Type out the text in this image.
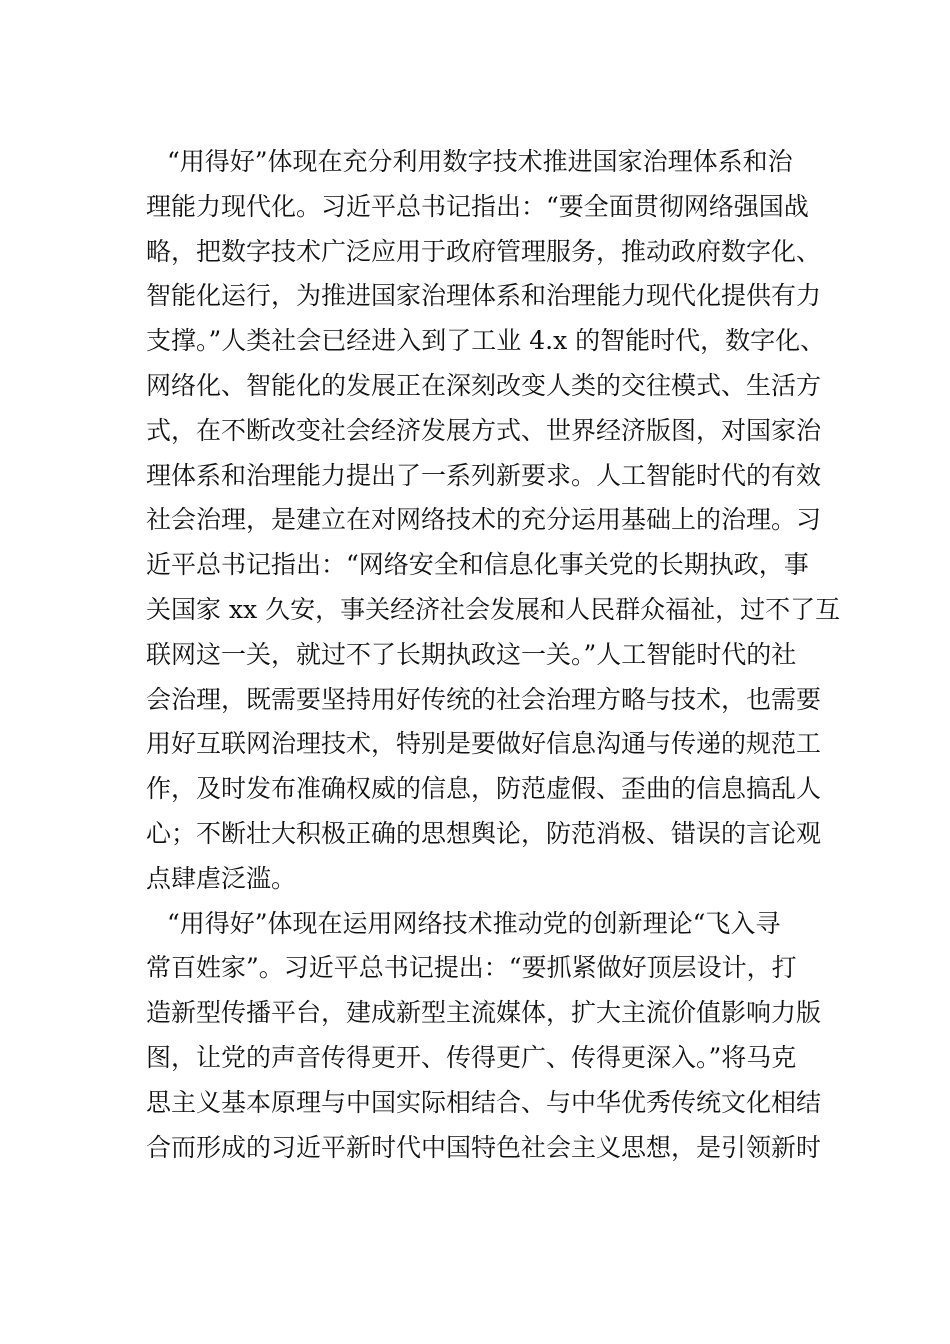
“用得好”体现在充分利用数字技术推进国家治理体系和治
理能力现代化。习近平总书记指出：“要全面贯彻网络强国战
略，把数字技术广泛应用于政府管理服务，推动政府数字化、
智能化运行，为推进国家治理体系和治理能力现代化提供有力
支撑。”人类社会已经进入到了工业 4.x 的智能时代，数字化、
网络化、智能化的发展正在深刻改变人类的交往模式、生活方
式，在不断改变社会经济发展方式、世界经济版图，对国家治
理体系和治理能力提出了一系列新要求。人工智能时代的有效
社会治理，是建立在对网络技术的充分运用基础上的治理。习
近平总书记指出：“网络安全和信息化事关党的长期执政，事
关国家 xx 久安，事关经济社会发展和人民群众福祉，过不了互
联网这一关，就过不了长期执政这一关。”人工智能时代的社
会治理，既需要坚持用好传统的社会治理方略与技术，也需要
用好互联网治理技术，特别是要做好信息沟通与传递的规范工
作，及时发布准确权威的信息，防范虚假、歪曲的信息搞乱人
心；不断壮大积极正确的思想舆论，防范消极、错误的言论观
点肆虐泛滥。
“用得好”体现在运用网络技术推动党的创新理论“飞入寻
常百姓家”。习近平总书记提出：“要抓紧做好顶层设计，打
造新型传播平台，建成新型主流媒体，扩大主流价值影响力版
图，让党的声音传得更开、传得更广、传得更深入。”将马克
思主义基本原理与中国实际相结合、与中华优秀传统文化相结
合而形成的习近平新时代中国特色社会主义思想，是引领新时
